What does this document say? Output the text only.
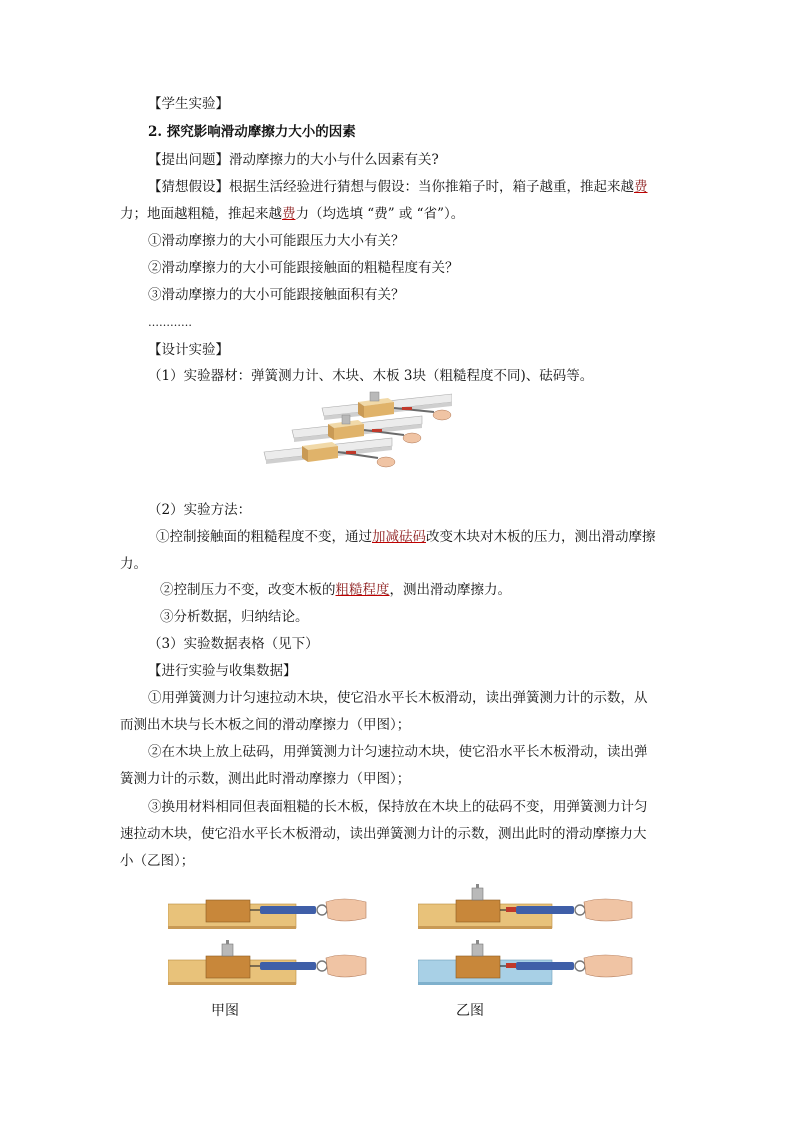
【学生实验】
2. 探究影响滑动摩擦力大小的因素
【提出问题】滑动摩擦力的大小与什么因素有关?
【猜想假设】根据生活经验进行猜想与假设：当你推箱子时，箱子越重，推起来越费
力；地面越粗糙，推起来越费力（均选填 “费” 或 “省”）。
①滑动摩擦力的大小可能跟压力大小有关？
②滑动摩擦力的大小可能跟接触面的粗糙程度有关？
③滑动摩擦力的大小可能跟接触面积有关？
…………
【设计实验】
（1）实验器材：弹簧测力计、木块、木板 3块（粗糙程度不同)、砝码等。
（2）实验方法：
①控制接触面的粗糙程度不变，通过加减砝码改变木块对木板的压力，测出滑动摩擦
力。
②控制压力不变，改变木板的粗糙程度，测出滑动摩擦力。
③分析数据，归纳结论。
（3）实验数据表格（见下）
【进行实验与收集数据】
①用弹簧测力计匀速拉动木块，使它沿水平长木板滑动，读出弹簧测力计的示数，从
而测出木块与长木板之间的滑动摩擦力（甲图）；
②在木块上放上砝码，用弹簧测力计匀速拉动木块，使它沿水平长木板滑动，读出弹
簧测力计的示数，测出此时滑动摩擦力（甲图）；
③换用材料相同但表面粗糙的长木板，保持放在木块上的砝码不变，用弹簧测力计匀
速拉动木块，使它沿水平长木板滑动，读出弹簧测力计的示数，测出此时的滑动摩擦力大
小（乙图）；
甲图	乙图
